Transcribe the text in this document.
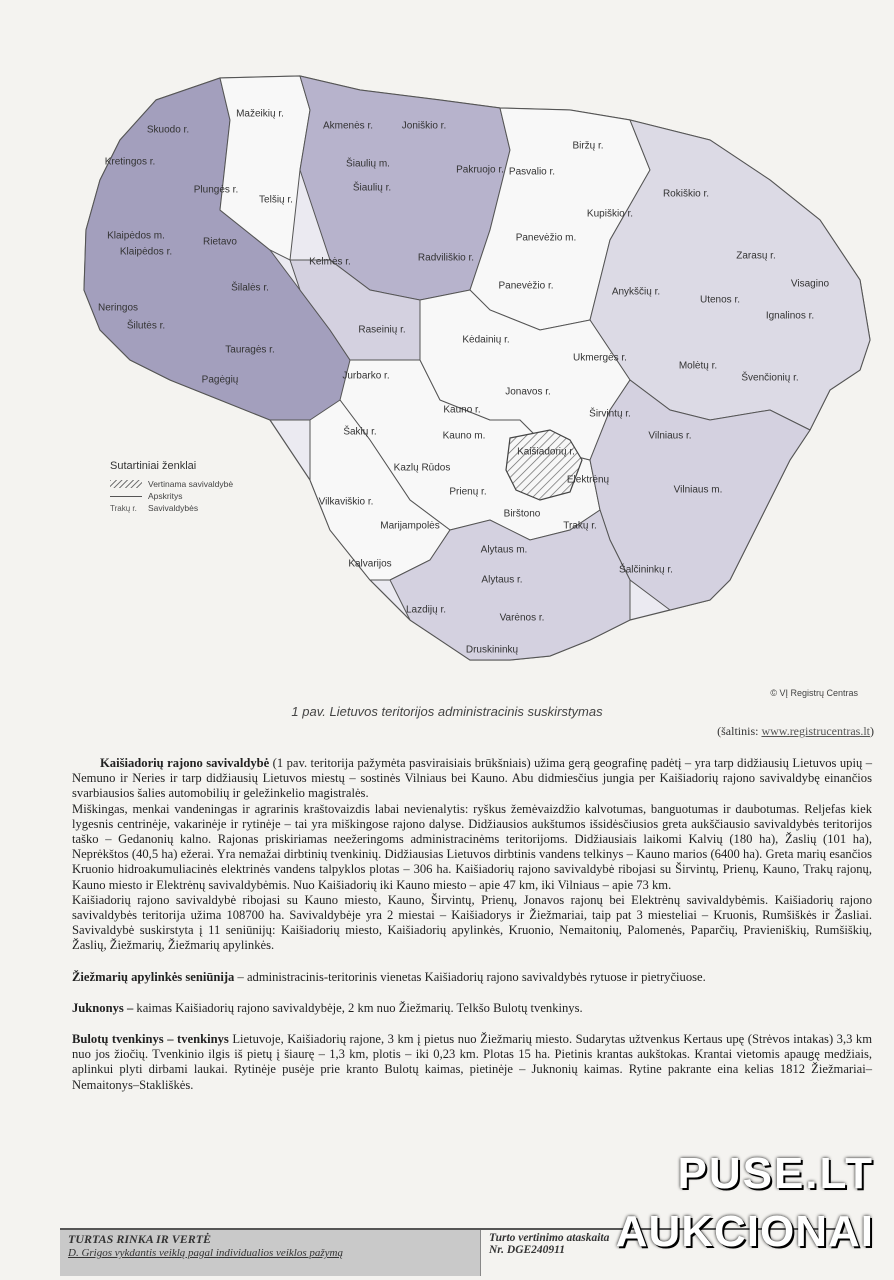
Mažeikių r.
Akmenės r.	Joniškio r.
Biržų r.
Skuodo r.
Kretingos r.	Šiaulių m.
Pakruojo r. Pasvalio r.
Plungės r.	Šiaulių r.
Rokiškio r.
Telšių r.
Kupiškio r.
Klaipėdos m.	Panevėžio m.
Rietavo
Klaipėdos r.
Kelmės r.	Radviliškio r.	Zarasų r.
Panevėžio r.
Šilalės r.	Anykščių r.
Visagino
Utenos r.
Neringos
Ignalinos r.
Šilutės r.	Raseinių r.
Kėdainių r.
Tauragės r.
Ukmergės r.
Molėtų r.
Jurbarko r.	Švenčionių r.
Pagėgių
Jonavos r.
Kauno r.	Širvintų r.
Kauno m.	Vilniaus r.
Šakių r.
Kaišiadorių r.
Kazlų Rūdos
Elektrėnų
Vilniaus m.
Vilkaviškio r.
Prienų r.
Birštono
Marijampolės	Trakų r.
Alytaus m.
Kalvarijos
Šalčininkų r.
Alytaus r.
Lazdijų r.
Varėnos r.
Druskininkų
Sutartiniai ženklai
Vertinama savivaldybė
Apskritys
Trakų r.	Savivaldybės
© VĮ Registrų Centras
1 pav. Lietuvos teritorijos administracinis suskirstymas
(šaltinis: www.registrucentras.lt)

Kaišiadorių rajono savivaldybė (1 pav. teritorija pažymėta pasviraisiais brūkšniais) užima gerą geografinę padėtį – yra tarp didžiausių Lietuvos upių – Nemuno ir Neries ir tarp didžiausių Lietuvos miestų – sostinės Vilniaus bei Kauno. Abu didmiesčius jungia per Kaišiadorių rajono savivaldybę einančios svarbiausios šalies automobilių ir geležinkelio magistralės.

Miškingas, menkai vandeningas ir agrarinis kraštovaizdis labai nevienalytis: ryškus žemėvaizdžio kalvotumas, banguotumas ir daubotumas. Reljefas kiek lygesnis centrinėje, vakarinėje ir rytinėje – tai yra miškingose rajono dalyse. Didžiausios aukštumos išsidėsčiusios greta aukščiausio savivaldybės teritorijos taško – Gedanonių kalno. Rajonas priskiriamas neežeringoms administracinėms teritorijoms. Didžiausiais laikomi Kalvių (180 ha), Žaslių (101 ha), Neprėkštos (40,5 ha) ežerai. Yra nemažai dirbtinių tvenkinių. Didžiausias Lietuvos dirbtinis vandens telkinys – Kauno marios (6400 ha). Greta marių esančios Kruonio hidroakumuliacinės elektrinės vandens talpyklos plotas – 306 ha. Kaišiadorių rajono savivaldybė ribojasi su Širvintų, Prienų, Kauno, Trakų rajonų, Kauno miesto ir Elektrėnų savivaldybėmis. Nuo Kaišiadorių iki Kauno miesto – apie 47 km, iki Vilniaus – apie 73 km.

Kaišiadorių rajono savivaldybė ribojasi su Kauno miesto, Kauno, Širvintų, Prienų, Jonavos rajonų bei Elektrėnų savivaldybėmis. Kaišiadorių rajono savivaldybės teritorija užima 108700 ha. Savivaldybėje yra 2 miestai – Kaišiadorys ir Žiežmariai, taip pat 3 miesteliai – Kruonis, Rumšiškės ir Žasliai. Savivaldybė suskirstyta į 11 seniūnijų: Kaišiadorių miesto, Kaišiadorių apylinkės, Kruonio, Nemaitonių, Palomenės, Paparčių, Pravieniškių, Rumšiškių, Žaslių, Žiežmarių, Žiežmarių apylinkės.

Žiežmarių apylinkės seniūnija – administracinis-teritorinis vienetas Kaišiadorių rajono savivaldybės rytuose ir pietryčiuose.

Juknonys – kaimas Kaišiadorių rajono savivaldybėje, 2 km nuo Žiežmarių. Telkšo Bulotų tvenkinys.

Bulotų tvenkinys – tvenkinys Lietuvoje, Kaišiadorių rajone, 3 km į pietus nuo Žiežmarių miesto. Sudarytas užtvenkus Kertaus upę (Strėvos intakas) 3,3 km nuo jos žiočių. Tvenkinio ilgis iš pietų į šiaurę – 1,3 km, plotis – iki 0,23 km. Plotas 15 ha. Pietinis krantas aukštokas. Krantai vietomis apaugę medžiais, aplinkui plyti dirbami laukai. Rytinėje pusėje prie kranto Bulotų kaimas, pietinėje – Juknonių kaimas. Rytine pakrante eina kelias 1812 Žiežmariai–Nemaitonys–Stakliškės.

TURTAS RINKA IR VERTĖ
D. Grigos vykdantis veiklą pagal individualios veiklos pažymą
Turto vertinimo ataskaita
Nr. DGE240911
PUSE.LT
AUKCIONAI
